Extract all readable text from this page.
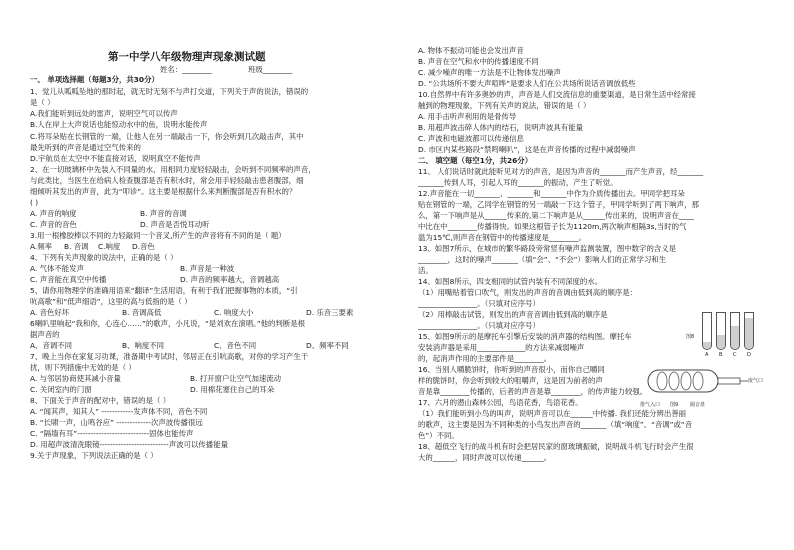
第一中学八年级物理声现象测试题
姓名：________	班级________
一、 单项选择题（每题3分，共30分）
1、觉儿从呱呱坠地的那时起，就无时无刻不与声打交道，下列关于声的说法，错误的
是（ ）
A.我们能听到远处的雷声，说明空气可以传声
B.人在岸上大声说话也能惊动水中的鱼，说明水能传声
C.将耳朵贴在长钢管的一端，让他人在另一端敲击一下，你会听到几次敲击声，其中
最先听到的声音是通过空气传来的
D.宇航员在太空中不能直接对话，说明真空不能传声
2、在一切玻璃杯中先装入不同量的水，用相同力度轻轻敲击，会听到不同频率的声音，
与此类比，当医生在给病人检查腹部是否有积水时，常会用手轻轻敲击患者腹部，细
细倾听其发出的声音，此为“叩诊”。这主要是根据什么来判断腹部是否有积水的？
( )
A. 声音的响度	B. 声音的音调
C. 声音的音色	D. 声音是否悦耳动听
3.用一根橡胶棒以不同的力轻敲同一个音叉,所产生的声音将有不同的是（ 题）
A.频率	B. 音调	C.响度	D.音色
4、下列有关声现象的说法中，正确的是（ ）
A. 气体不能发声	B. 声音是一种波
C. 声音能在真空中传播	D. 声音的频率越大，音调越高
5、请你用物理学的准确用语来“翻译”生活用语，有利于我们把握事物的本质，“引
吭高歌”和“低声细语”，这里的高与低指的是（ ）
A. 音色好坏	B. 音调高低	C. 响度大小	D. 乐音三要素
6喇叭里响起“我和你，心连心……”的歌声，小凡说，“是刘欢在演唱。”他的判断是根
据声音的
A、音调不同	B、响度不同	C、音色不同	D、频率不同
7、晚上当你在家复习功课，准备期中考试时，邻居正在引吭高歌，对你的学习产生干
扰，则下列措施中无效的是（ ）
A. 与邻居协商使其减小音量	B. 打开窗户让空气加速流动
C. 关闭室内的门窗	D. 用棉花塞住自己的耳朵
8、下面关于声音的配对中，错误的是（ ）
A. “闻其声，知其人” ------------发声体不同，音色不同
B. “长啸一声，山鸣谷应” -------------次声波传播很远
C. “隔墙有耳”---------------------------固体也能传声
D. 用超声波清洗眼镜--------------------------声波可以传播能量
9.关于声现象，下列说法正确的是（ ）
A. 物体不振动可能也会发出声音
B. 声音在空气和水中的传播速度不同
C. 减少噪声的唯一方法是不让物体发出噪声
D. “公共场所不要大声喧哗”是要求人们在公共场所说话音调放低些
10.自然界中有许多奥妙的声，声音是人们交流信息的重要渠道，是日常生活中经常接
触到的物理现象，下列有关声的说法，错误的是（ ）
A. 用手击听声利用的是骨传导
B. 用超声波击碎人体内的结石，说明声波具有能量
C. 声波和电磁波都可以传递信息
D. 市区内某些路段“禁鸣喇叭”，这是在声音传播的过程中减弱噪声
二、 填空题（每空1分，共26分）
11、 人们说话时就此能听见对方的声音，是因为声音的_______而产生声音，经_______
_______传到人耳，引起人耳的_______的振动，产生了听觉。
12.声音能在一切_______、_______和_______中作为介质传播出去。甲同学把耳朵
贴在钢管的一端，乙同学在钢管的另一端敲一下这个管子，甲同学听到了两下响声，那
么，第一下响声是从______传来的,第二下响声是从______传出来的，说明声音在____
中比在中________传播得快。如果这根管子长为1120m,两次响声相隔3s,当时的气
温为15℃,则声音在钢管中的传播速度是________。
13、如图7所示，在城市的繁华路段旁常竖有噪声监测装置，图中数字的含义是
________，这时的噪声_______（填“会”、“不会”）影响人们的正常学习和生
活。
14、如图8所示，四支相同的试管内装有不同深度的水。
（1）用嘴贴着管口吹气，则发出的声音的音调由低到高的顺序是：
________________。（只填对应序号）
（2）用棒敲击试管，则发出的声音音调由低到高的顺序是
________________。（只填对应序号）
15、如图9所示的是摩托车引擎后安装的消声器的结构图。摩托车
安装消声器是采用_____________的方法来减弱噪声
的，起消声作用的主要部件是________。
16、当别人嚼脆饼时，你听到的声音很小，而你自己嚼同
样的脆饼时，你会听到较大的咀嚼声，这是因为前者的声
音是靠________传播的，后者的声音是靠________，的传声能力较强。
17、六月的潜山森林公园，鸟语花香，鸟语花香。
（1）我们能听到小鸟的叫声，说明声音可以在______中传播. 我们还能分辨出善丽
的歌声，这主要是因为不同种类的小鸟发出声音的_______（填“响度”、“音调”或“音
色”）不同。
18、超低空飞行的战斗机有时会把居民家的窗玻璃振破，说明战斗机飞行时会产生很
大的______，同时声波可以传递______。
图8
A B C D
废气口
排气入口 图9 隔音盘
